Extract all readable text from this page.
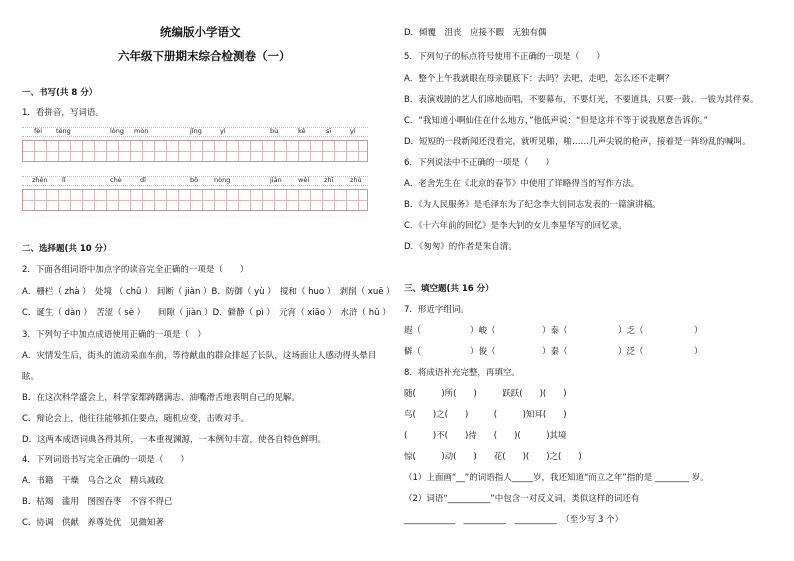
统编版小学语文
六年级下册期末综合检测卷（一）
一、书写(共 8 分）
1．看拼音，写词语。
fèi téng	lòng mòn	jīng	yì	bù	kě	sī	yì
zhēn lǐ	chè	dǐ	bō nòng	jiān	wěi zhī	zhù
二、选择题(共 10 分）
2．下面各组词语中加点字的读音完全正确的一项是（　　）
A．栅栏（ zhà ）　处境 （ chǔ ）　间断（ jiàn ）B．防御（ yù ）　搅和（ huo ）　剥削（ xuē ）
C．诞生（ dàn ）　苦涩（ sè ）　　间隙（ jiàn ）D．僻静（ pì ）　元宵（ xiāo ）　水浒（ hǔ ）
3．下列句子中加点成语使用正确的一项是（　）
A．灾情发生后，街头的流动采血车前，等待献血的群众排起了长队，这场面让人感动得头晕目
眩。
B．在这次科学盛会上，科学家都踌躇满志、油嘴滑舌地表明自己的见解。
C．辩论会上，他往往能够抓住要点，随机应变，击败对手。
D．这两本成语词典各得其所，一本重视渊源，一本例句丰富，使各自特色鲜明。
4．下列词语书写完全正确的一项是（　　）
A．书籍　干燥　乌合之众　精兵减政
B．枯竭　滥用　图图吞枣　不容不得已
C．协调　供献　养尊处优　见微知著
D．倾覆　沮丧　应接不暇　无独有偶
5．下列句子的标点符号使用不正确的一项是（　　）
A．整个上午我就眼在母亲腿底下：去吗？去吧，走吧，怎么还不走啊？
B．表演戏剧的艺人们席地而唱，不要幕布，不要灯光，不要道具，只要一鼓、一钹为其伴奏。
C．“我知道小啊仙住在什么地方，”他低声说：“但是这并不等于说我愿意告诉你。”
D．短短的一段新闻还没看完，就听见啪，啪……几声尖锐的枪声，接着是一阵纷乱的喊叫。
6．下列说法中不正确的一项是（　　）
A．老舍先生在《北京的春节》中使用了详略得当的写作方法。
B．《为人民服务》是毛泽东为了纪念李大钊同志发表的一篇演讲稿。
C．《十六年前的回忆》是李大钊的女儿李星华写的回忆录。
D．《匆匆》的作者是朱自清。
三、填空题(共 16 分）
7．形近字组词。
遐（	）峻（	）泰（	）乏（	）
僻（	）俊（	）秦（	）泛（	）
8．将成语补充完整，再填空。
随(　　　)所(　　)　　　跃跃(　　)(　　)
鸟(　　)之(　　)　　　(　　　)知耳(　　)
(　　　)不(　　)待　　(　　)(　　　)其境
惊(　　　)动(　　)　　花(　　)(　　)之(　　)
（1）上面画“__”的词语指人_____岁，我还知道“而立之年”指的是 ________ 岁。
（2）词语“__________”中包含一对反义词，类似这样的词还有
____________　__________　__________　（至少写 3 个）
